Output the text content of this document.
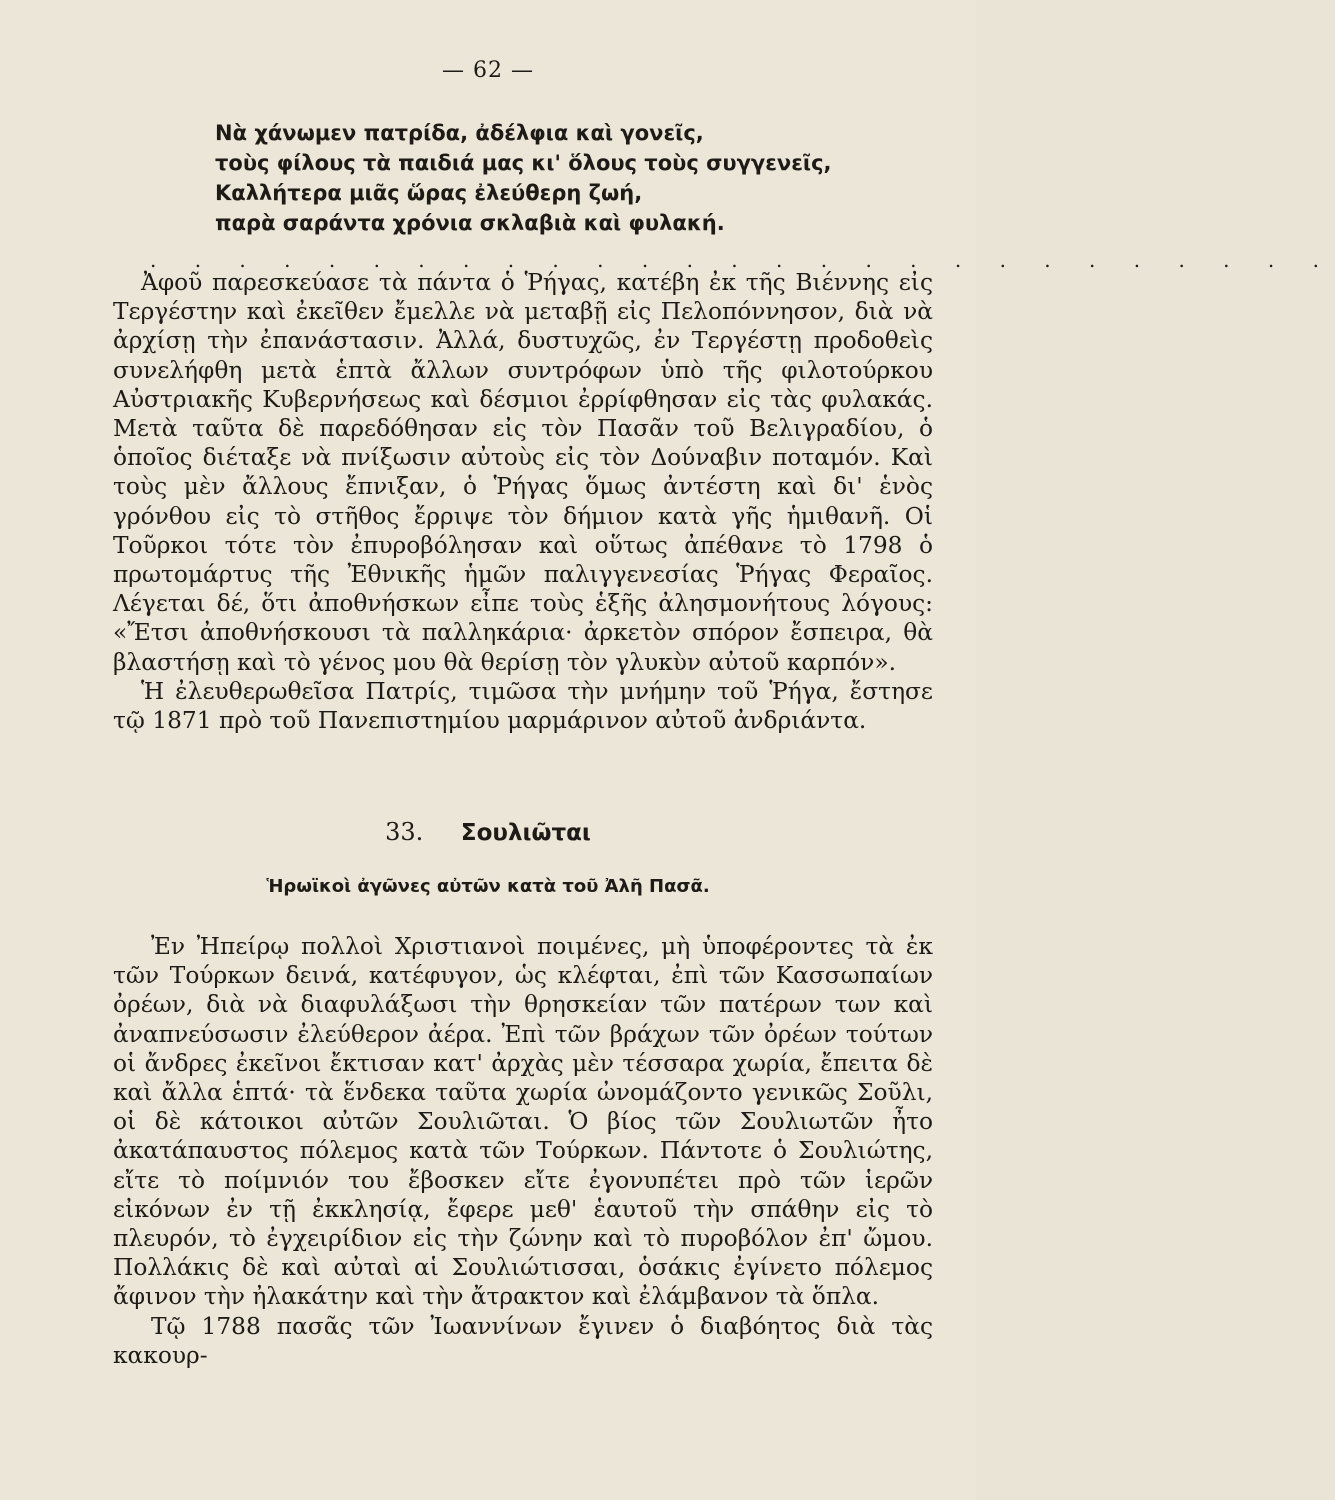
— 62 —
Νὰ χάνωμεν πατρίδα, ἀδέλφια καὶ γονεῖς,
τοὺς φίλους τὰ παιδιά μας κι' ὅλους τοὺς συγγενεῖς,
Καλλήτερα μιᾶς ὥρας ἐλεύθερη ζωή,
παρὰ σαράντα χρόνια σκλαβιὰ καὶ φυλακή.
. . . . . . . . . . . . . . . . . . . . . . . . . . .

Ἀφοῦ παρεσκεύασε τὰ πάντα ὁ Ῥήγας, κατέβη ἐκ τῆς Βιέννης εἰς Τεργέστην καὶ ἐκεῖθεν ἔμελλε νὰ μεταβῇ εἰς Πελοπόννησον, διὰ νὰ ἀρχίσῃ τὴν ἐπανάστασιν. Ἀλλά, δυστυχῶς, ἐν Τεργέστῃ προδοθεὶς συνελήφθη μετὰ ἑπτὰ ἄλλων συντρόφων ὑπὸ τῆς φιλοτούρκου Αὐστριακῆς Κυβερνήσεως καὶ δέσμιοι ἐρρίφθησαν εἰς τὰς φυλακάς. Μετὰ ταῦτα δὲ παρεδόθησαν εἰς τὸν Πασᾶν τοῦ Βελιγραδίου, ὁ ὁποῖος διέταξε νὰ πνίξωσιν αὐτοὺς εἰς τὸν Δούναβιν ποταμόν. Καὶ τοὺς μὲν ἄλλους ἔπνιξαν, ὁ Ῥήγας ὅμως ἀντέστη καὶ δι' ἑνὸς γρόνθου εἰς τὸ στῆθος ἔρριψε τὸν δήμιον κατὰ γῆς ἡμιθανῆ. Οἱ Τοῦρκοι τότε τὸν ἐπυροβόλησαν καὶ οὕτως ἀπέθανε τὸ 1798 ὁ πρωτομάρτυς τῆς Ἐθνικῆς ἡμῶν παλιγγενεσίας Ῥήγας Φεραῖος. Λέγεται δέ, ὅτι ἀποθνήσκων εἶπε τοὺς ἑξῆς ἀλησμονήτους λόγους: «Ἔτσι ἀποθνήσκουσι τὰ παλληκάρια· ἀρκετὸν σπόρον ἔσπειρα, θὰ βλαστήσῃ καὶ τὸ γένος μου θὰ θερίσῃ τὸν γλυκὺν αὐτοῦ καρπόν».

Ἡ ἐλευθερωθεῖσα Πατρίς, τιμῶσα τὴν μνήμην τοῦ Ῥήγα, ἔστησε τῷ 1871 πρὸ τοῦ Πανεπιστημίου μαρμάρινον αὐτοῦ ἀνδριάντα.

33. Σουλιῶται
Ἡρωϊκοὶ ἀγῶνες αὐτῶν κατὰ τοῦ Ἀλῆ Πασᾶ.

Ἐν Ἠπείρῳ πολλοὶ Χριστιανοὶ ποιμένες, μὴ ὑποφέροντες τὰ ἐκ τῶν Τούρκων δεινά, κατέφυγον, ὡς κλέφται, ἐπὶ τῶν Κασσωπαίων ὀρέων, διὰ νὰ διαφυλάξωσι τὴν θρησκείαν τῶν πατέρων των καὶ ἀναπνεύσωσιν ἐλεύθερον ἀέρα. Ἐπὶ τῶν βράχων τῶν ὀρέων τούτων οἱ ἄνδρες ἐκεῖνοι ἔκτισαν κατ' ἀρχὰς μὲν τέσσαρα χωρία, ἔπειτα δὲ καὶ ἄλλα ἑπτά· τὰ ἕνδεκα ταῦτα χωρία ὠνομάζοντο γενικῶς Σοῦλι, οἱ δὲ κάτοικοι αὐτῶν Σουλιῶται. Ὁ βίος τῶν Σουλιωτῶν ἦτο ἀκατάπαυστος πόλεμος κατὰ τῶν Τούρκων. Πάντοτε ὁ Σουλιώτης, εἴτε τὸ ποίμνιόν του ἔβοσκεν εἴτε ἐγονυπέτει πρὸ τῶν ἱερῶν εἰκόνων ἐν τῇ ἐκκλησίᾳ, ἔφερε μεθ' ἑαυτοῦ τὴν σπάθην εἰς τὸ πλευρόν, τὸ ἐγχειρίδιον εἰς τὴν ζώνην καὶ τὸ πυροβόλον ἐπ' ὤμου. Πολλάκις δὲ καὶ αὐταὶ αἱ Σουλιώτισσαι, ὁσάκις ἐγίνετο πόλεμος ἄφινον τὴν ἠλακάτην καὶ τὴν ἄτρακτον καὶ ἐλάμβανον τὰ ὅπλα.

Τῷ 1788 πασᾶς τῶν Ἰωαννίνων ἔγινεν ὁ διαβόητος διὰ τὰς κακουρ-
